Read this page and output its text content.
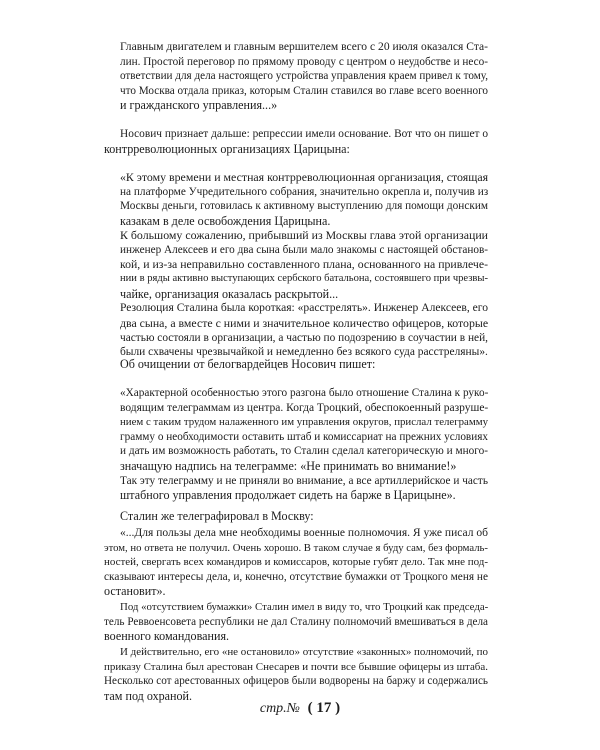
Главным двигателем и главным вершителем всего с 20 июля оказался Ста-
лин. Простой переговор по прямому проводу с центром о неудобстве и несо-
ответствии для дела настоящего устройства управления краем привел к тому,
что Москва отдала приказ, которым Сталин ставился во главе всего военного
и гражданского управления...»
Носович признает дальше: репрессии имели основание. Вот что он пишет о
контрреволюционных организациях Царицына:
«К этому времени и местная контрреволюционная организация, стоящая
на платформе Учредительного собрания, значительно окрепла и, получив из
Москвы деньги, готовилась к активному выступлению для помощи донским
казакам в деле освобождения Царицына.
К большому сожалению, прибывший из Москвы глава этой организации
инженер Алексеев и его два сына были мало знакомы с настоящей обстанов-
кой, и из-за неправильно составленного плана, основанного на привлече-
нии в ряды активно выступающих сербского батальона, состоявшего при чрезвы-
чайке, организация оказалась раскрытой...
Резолюция Сталина была короткая: «расстрелять». Инженер Алексеев, его
два сына, а вместе с ними и значительное количество офицеров, которые
частью состояли в организации, а частью по подозрению в соучастии в ней,
были схвачены чрезвычайкой и немедленно без всякого суда расстреляны».
Об очищении от белогвардейцев Носович пишет:
«Характерной особенностью этого разгона было отношение Сталина к руко-
водящим телеграммам из центра. Когда Троцкий, обеспокоенный разруше-
нием с таким трудом налаженного им управления округов, прислал телеграмму
грамму о необходимости оставить штаб и комиссариат на прежних условиях
и дать им возможность работать, то Сталин сделал категорическую и много-
значащую надпись на телеграмме: «Не принимать во внимание!»
Так эту телеграмму и не приняли во внимание, а все артиллерийское и часть
штабного управления продолжает сидеть на барже в Царицыне».
Сталин же телеграфировал в Москву:
«...Для пользы дела мне необходимы военные полномочия. Я уже писал об
этом, но ответа не получил. Очень хорошо. В таком случае я буду сам, без формаль-
ностей, свергать всех командиров и комиссаров, которые губят дело. Так мне под-
сказывают интересы дела, и, конечно, отсутствие бумажки от Троцкого меня не
остановит».
Под «отсутствием бумажки» Сталин имел в виду то, что Троцкий как председа-
тель Реввоенсовета республики не дал Сталину полномочий вмешиваться в дела
военного командования.
И действительно, его «не остановило» отсутствие «законных» полномочий, по
приказу Сталина был арестован Снесарев и почти все бывшие офицеры из штаба.
Несколько сот арестованных офицеров были водворены на баржу и содержались
там под охраной.
стр.№ ( 17 )
